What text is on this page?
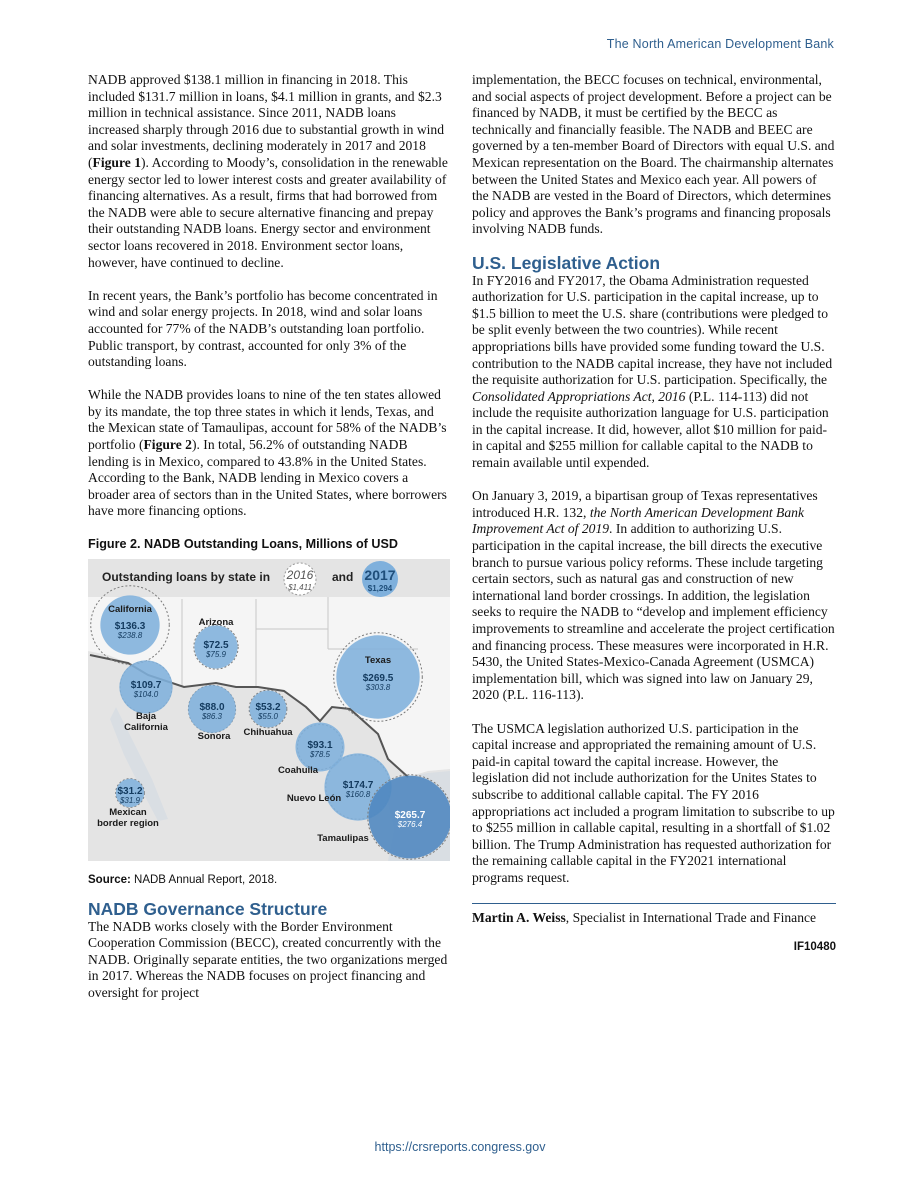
The North American Development Bank

NADB approved $138.1 million in financing in 2018. This included $131.7 million in loans, $4.1 million in grants, and $2.3 million in technical assistance. Since 2011, NADB loans increased sharply through 2016 due to substantial growth in wind and solar investments, declining moderately in 2017 and 2018 (Figure 1). According to Moody’s, consolidation in the renewable energy sector led to lower interest costs and greater availability of financing alternatives. As a result, firms that had borrowed from the NADB were able to secure alternative financing and prepay their outstanding NADB loans. Energy sector and environment sector loans recovered in 2018. Environment sector loans, however, have continued to decline.

In recent years, the Bank’s portfolio has become concentrated in wind and solar energy projects. In 2018, wind and solar loans accounted for 77% of the NADB’s outstanding loan portfolio. Public transport, by contrast, accounted for only 3% of the outstanding loans.

While the NADB provides loans to nine of the ten states allowed by its mandate, the top three states in which it lends, Texas, and the Mexican state of Tamaulipas, account for 58% of the NADB’s portfolio (Figure 2). In total, 56.2% of outstanding NADB lending is in Mexico, compared to 43.8% in the United States. According to the Bank, NADB lending in Mexico covers a broader area of sectors than in the United States, where borrowers have more financing options.

Figure 2. NADB Outstanding Loans, Millions of USD
Outstanding loans by state in 2016
$1,411
and 2017
$1,294
$136.3
$238.8
California
$72.5
$75.9
Arizona
$269.5
$303.8
Texas
$109.7
$104.0
Baja
California
$88.0
$86.3
Sonora
$53.2
$55.0
Chihuahua
$93.1
$78.5
Coahuila
$174.7
$160.8
Nuevo León
$31.2
$31.9
Mexican
border region
$265.7
$276.4
Tamaulipas
Source: NADB Annual Report, 2018.
NADB Governance Structure

The NADB works closely with the Border Environment Cooperation Commission (BECC), created concurrently with the NADB. Originally separate entities, the two organizations merged in 2017. Whereas the NADB focuses on project financing and oversight for project

implementation, the BECC focuses on technical, environmental, and social aspects of project development. Before a project can be financed by NADB, it must be certified by the BECC as technically and financially feasible. The NADB and BEEC are governed by a ten-member Board of Directors with equal U.S. and Mexican representation on the Board. The chairmanship alternates between the United States and Mexico each year. All powers of the NADB are vested in the Board of Directors, which determines policy and approves the Bank’s programs and financing proposals involving NADB funds.

U.S. Legislative Action

In FY2016 and FY2017, the Obama Administration requested authorization for U.S. participation in the capital increase, up to $1.5 billion to meet the U.S. share (contributions were pledged to be split evenly between the two countries). While recent appropriations bills have provided some funding toward the U.S. contribution to the NADB capital increase, they have not included the requisite authorization for U.S. participation. Specifically, the Consolidated Appropriations Act, 2016 (P.L. 114-113) did not include the requisite authorization language for U.S. participation in the capital increase. It did, however, allot $10 million for paid-in capital and $255 million for callable capital to the NADB to remain available until expended.

On January 3, 2019, a bipartisan group of Texas representatives introduced H.R. 132, the North American Development Bank Improvement Act of 2019. In addition to authorizing U.S. participation in the capital increase, the bill directs the executive branch to pursue various policy reforms. These include targeting certain sectors, such as natural gas and construction of new international land border crossings. In addition, the legislation seeks to require the NADB to “develop and implement efficiency improvements to streamline and accelerate the project certification and financing process. These measures were incorporated in H.R. 5430, the United States-Mexico-Canada Agreement (USMCA) implementation bill, which was signed into law on January 29, 2020 (P.L. 116-113).

The USMCA legislation authorized U.S. participation in the capital increase and appropriated the remaining amount of U.S. paid-in capital toward the capital increase. However, the legislation did not include authorization for the Unites States to subscribe to additional callable capital. The FY 2016 appropriations act included a program limitation to subscribe to up to $255 million in callable capital, resulting in a shortfall of $1.02 billion. The Trump Administration has requested authorization for the remaining callable capital in the FY2021 international programs request.

Martin A. Weiss, Specialist in International Trade and Finance
IF10480
https://crsreports.congress.gov
